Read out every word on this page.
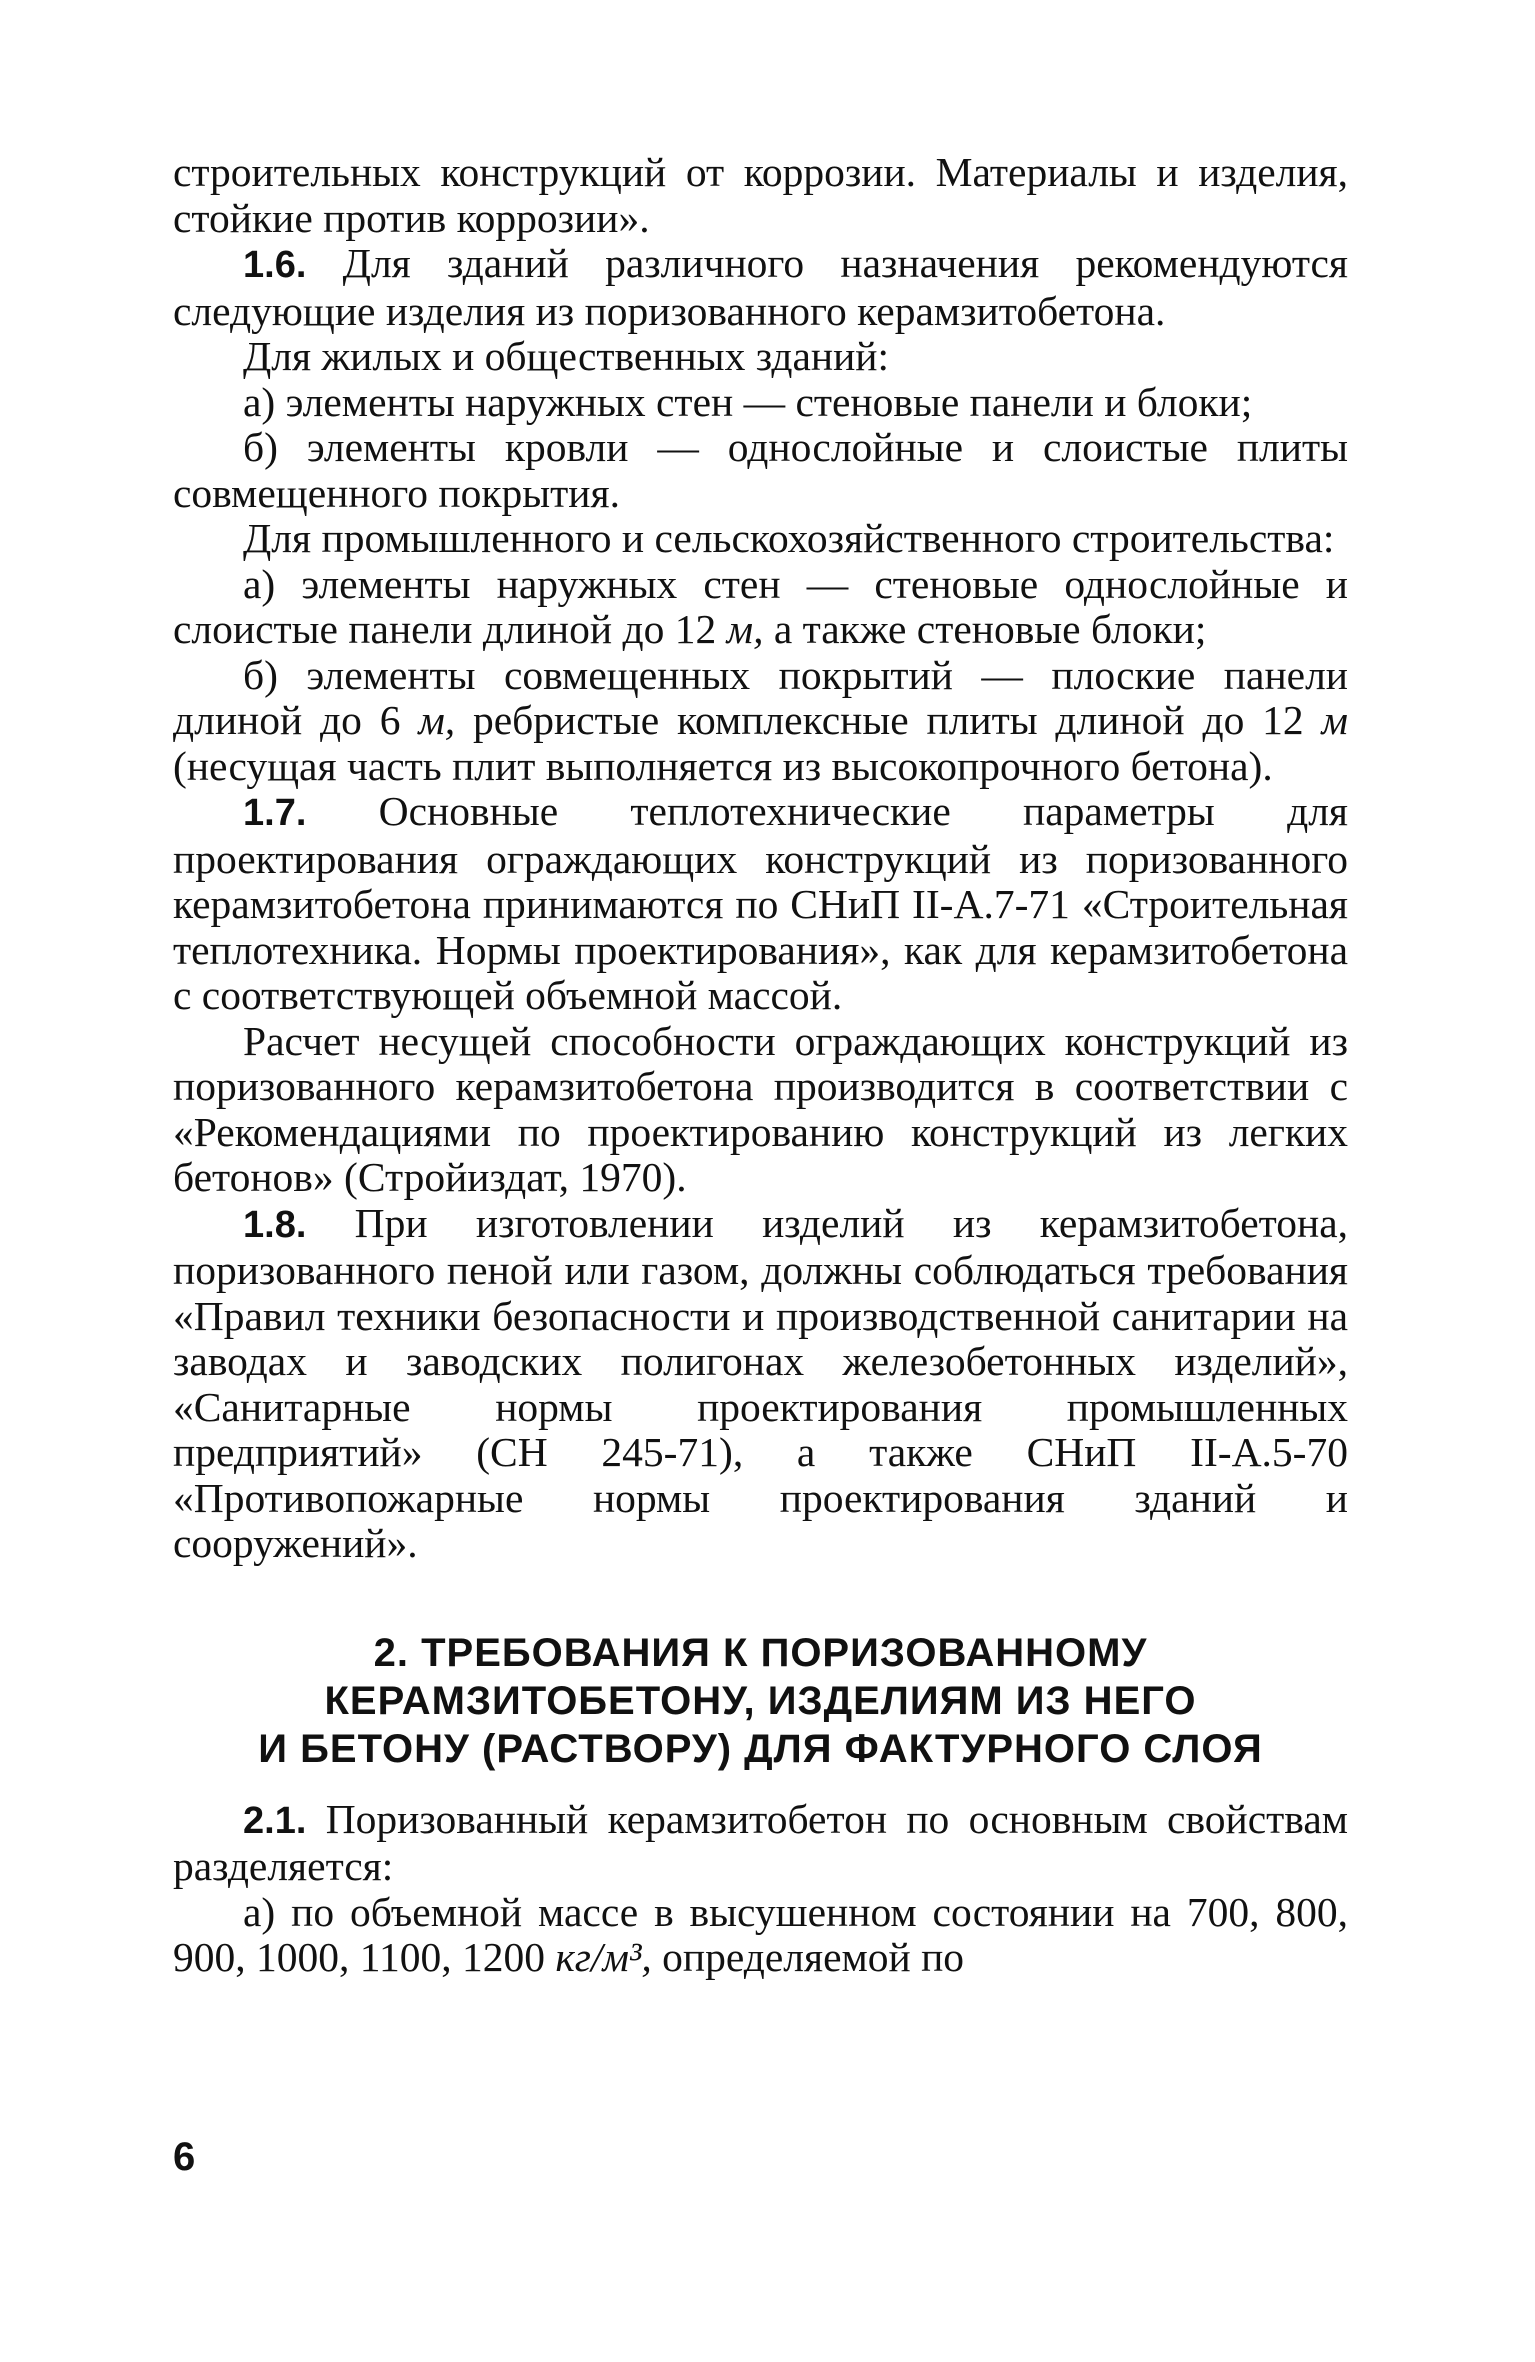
строительных конструкций от коррозии. Материалы и изделия, стойкие против коррозии».

1.6. Для зданий различного назначения рекомендуются следующие изделия из поризованного керамзитобетона.

Для жилых и общественных зданий:

а) элементы наружных стен — стеновые панели и блоки;

б) элементы кровли — однослойные и слоистые плиты совмещенного покрытия.

Для промышленного и сельскохозяйственного строительства:

а) элементы наружных стен — стеновые однослойные и слоистые панели длиной до 12 м, а также стеновые блоки;

б) элементы совмещенных покрытий — плоские панели длиной до 6 м, ребристые комплексные плиты длиной до 12 м (несущая часть плит выполняется из высокопрочного бетона).

1.7. Основные теплотехнические параметры для проектирования ограждающих конструкций из поризованного керамзитобетона принимаются по СНиП II-А.7-71 «Строительная теплотехника. Нормы проектирования», как для керамзитобетона с соответствующей объемной массой.

Расчет несущей способности ограждающих конструкций из поризованного керамзитобетона производится в соответствии с «Рекомендациями по проектированию конструкций из легких бетонов» (Стройиздат, 1970).

1.8. При изготовлении изделий из керамзитобетона, поризованного пеной или газом, должны соблюдаться требования «Правил техники безопасности и производственной санитарии на заводах и заводских полигонах железобетонных изделий», «Санитарные нормы проектирования промышленных предприятий» (СН 245-71), а также СНиП II-А.5-70 «Противопожарные нормы проектирования зданий и сооружений».

2. ТРЕБОВАНИЯ К ПОРИЗОВАННОМУ
КЕРАМЗИТОБЕТОНУ, ИЗДЕЛИЯМ ИЗ НЕГО
И БЕТОНУ (РАСТВОРУ) ДЛЯ ФАКТУРНОГО СЛОЯ

2.1. Поризованный керамзитобетон по основным свойствам разделяется:

а) по объемной массе в высушенном состоянии на 700, 800, 900, 1000, 1100, 1200 кг/м³, определяемой по

6
